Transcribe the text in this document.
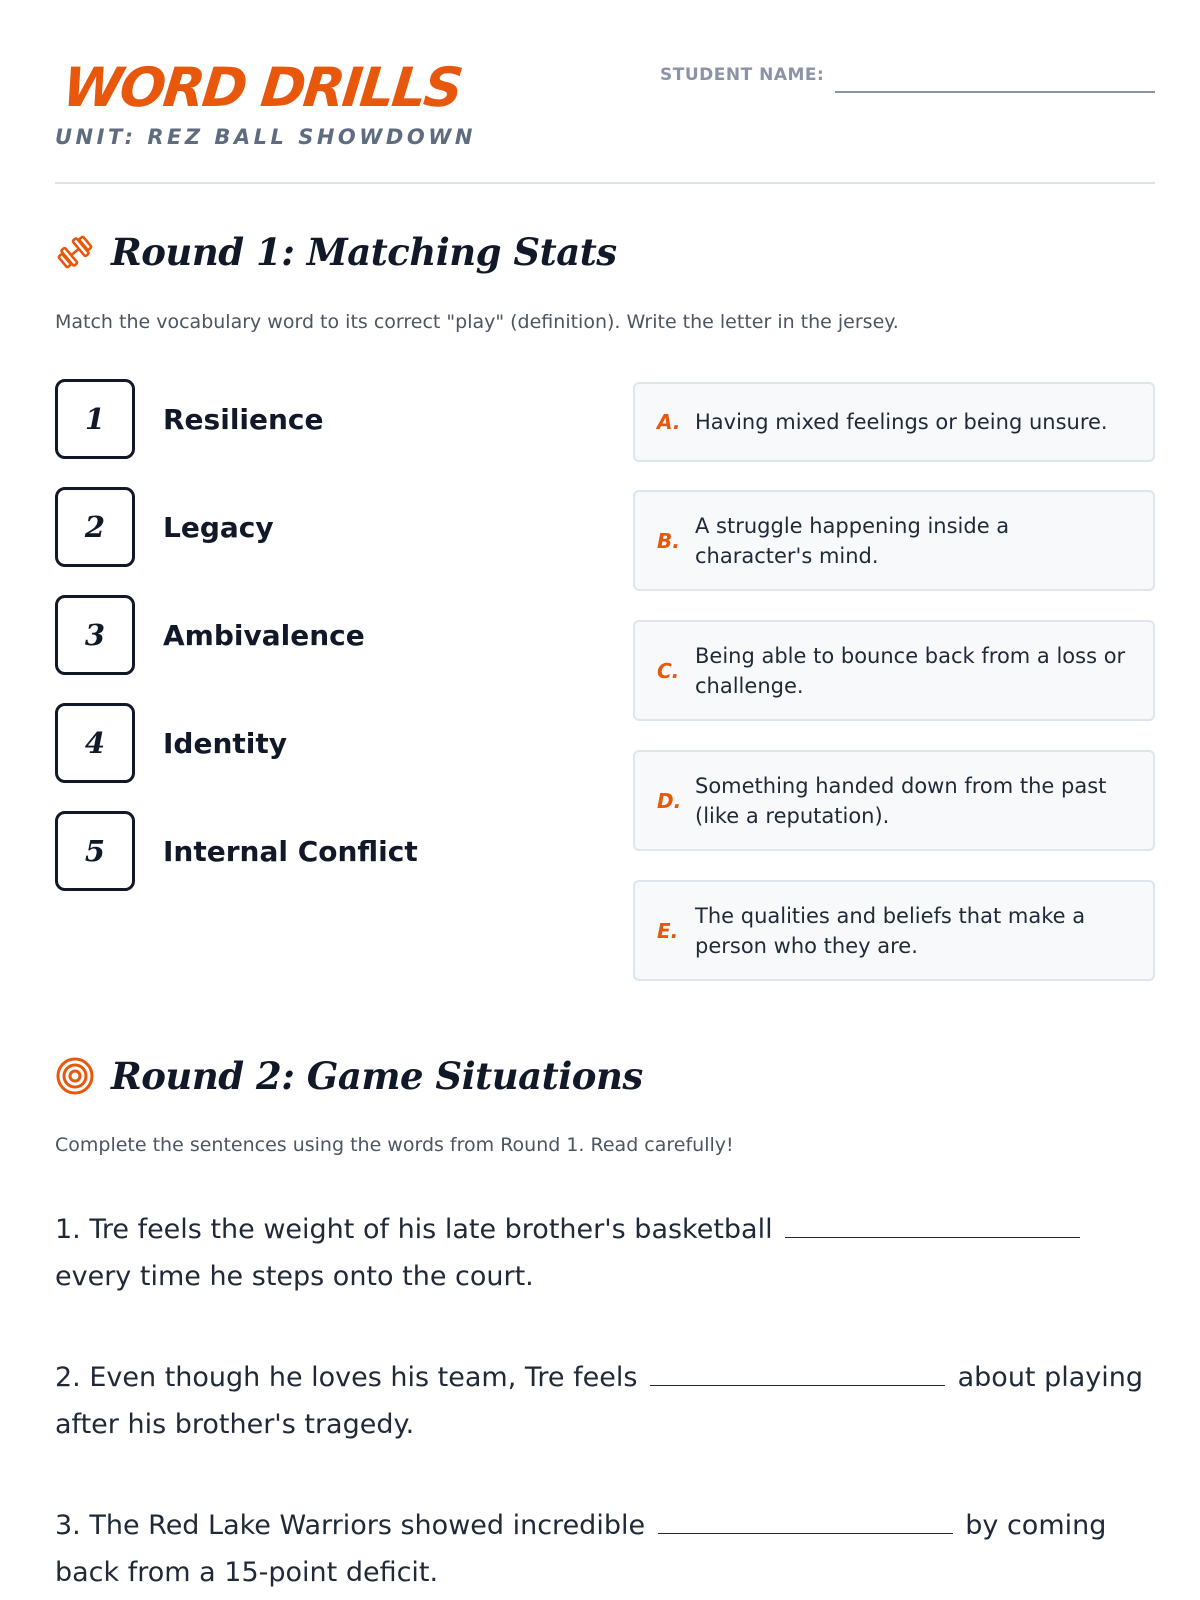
WORD DRILLS
UNIT: REZ BALL SHOWDOWN
STUDENT NAME:
Round 1: Matching Stats
Match the vocabulary word to its correct "play" (definition). Write the letter in the jersey.
1	Resilience
2	Legacy
3	Ambivalence
4	Identity
5	Internal Conflict
A. Having mixed feelings or being unsure.
B.
A struggle happening inside a character's mind.
C.
Being able to bounce back from a loss or challenge.
D.
Something handed down from the past (like a reputation).
E.
The qualities and beliefs that make a person who they are.
Round 2: Game Situations
Complete the sentences using the words from Round 1. Read carefully!
1. Tre feels the weight of his late brother's basketball  every time he steps onto the court.
2. Even though he loves his team, Tre feels	about playing after his brother's tragedy.
3. The Red Lake Warriors showed incredible	by coming back from a 15-point deficit.
